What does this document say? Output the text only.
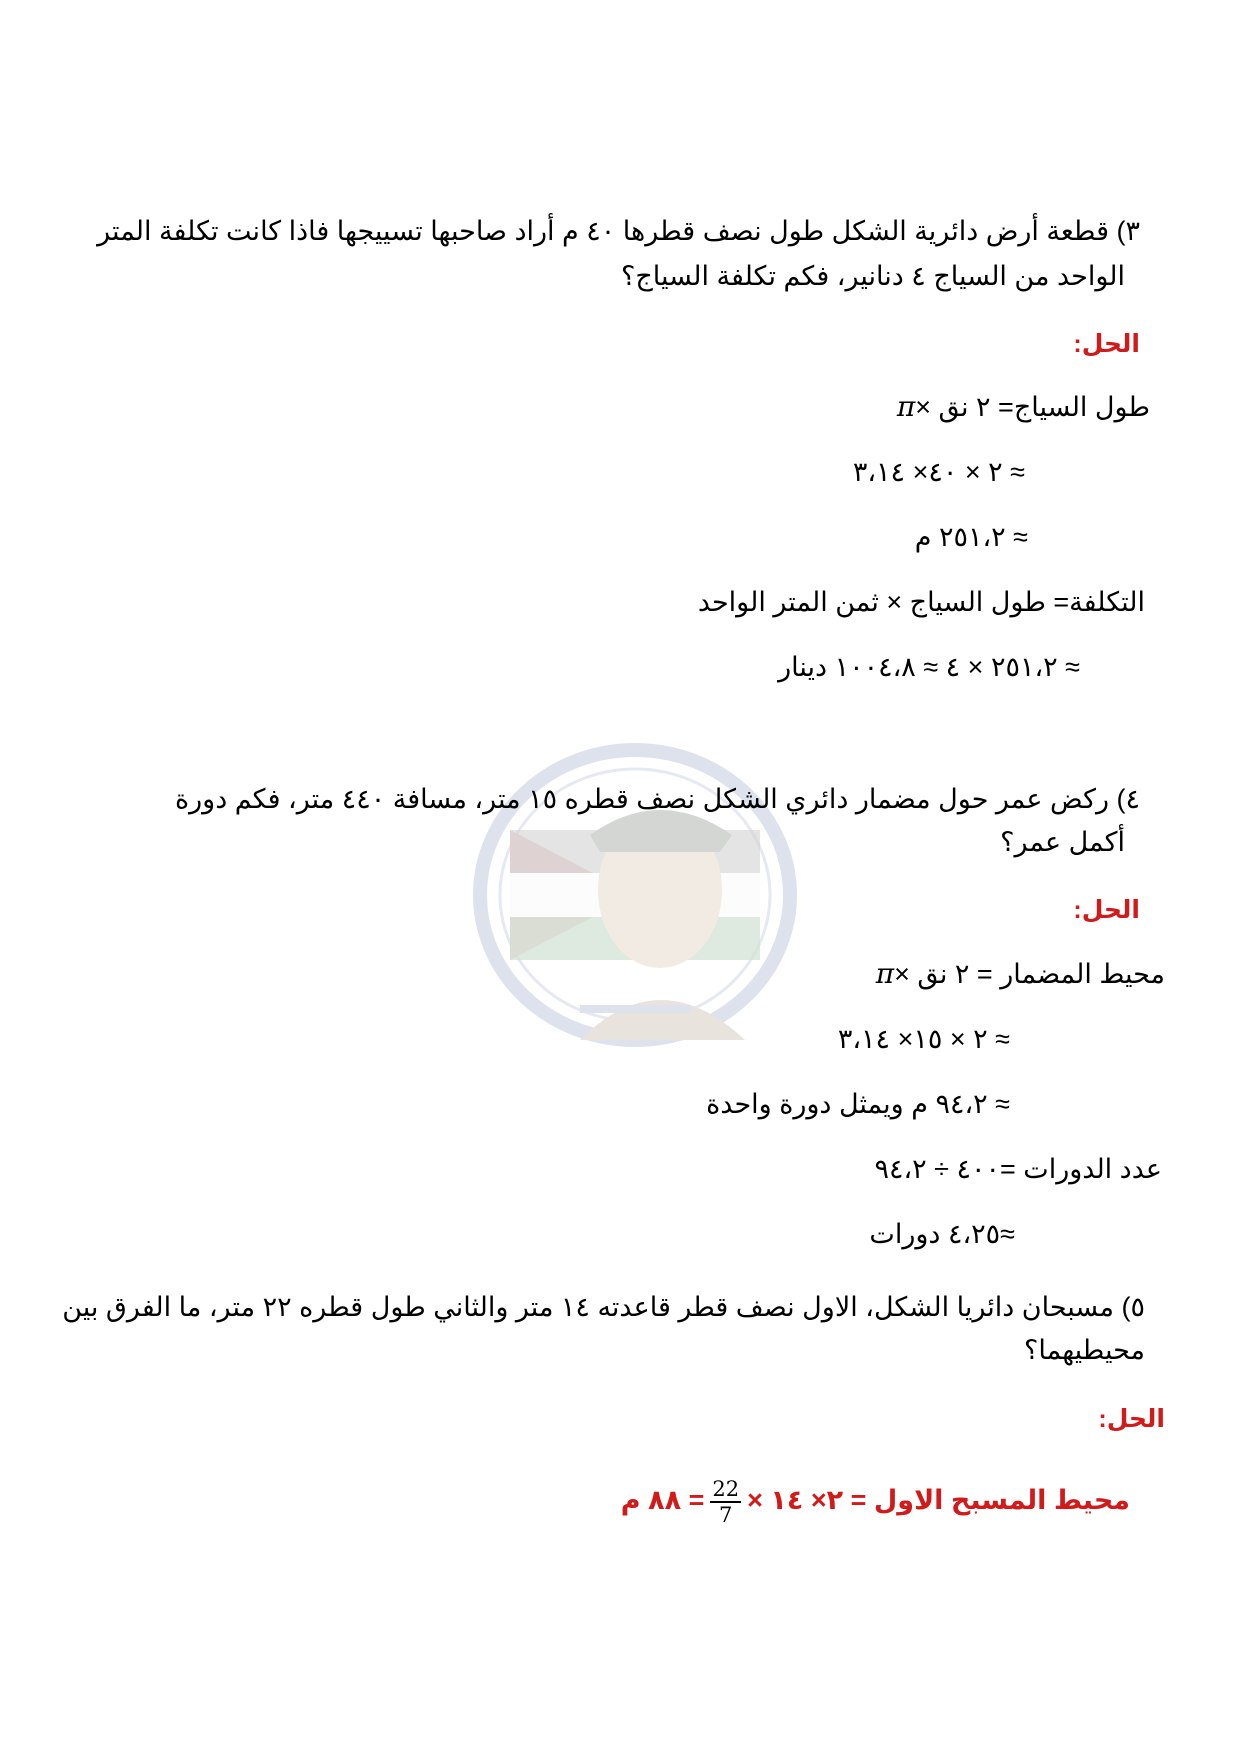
٣) قطعة أرض دائرية الشكل طول نصف قطرها ٤٠ م أراد صاحبها تسييجها فاذا كانت تكلفة المتر
الواحد من السياج ٤ دنانير، فكم تكلفة السياج؟
الحل:
طول السياج= ٢ نق ×π
≈ ٢ × ٤٠× ٣،١٤
≈ ٢٥١،٢ م
التكلفة= طول السياج × ثمن المتر الواحد
≈ ٢٥١،٢ × ٤ ≈ ١٠٠٤،٨ دينار
٤) ركض عمر حول مضمار دائري الشكل نصف قطره ١٥ متر، مسافة ٤٤٠ متر، فكم دورة
أكمل عمر؟
الحل:
محيط المضمار = ٢ نق ×π
≈ ٢ × ١٥× ٣،١٤
≈ ٩٤،٢ م ويمثل دورة واحدة
عدد الدورات =٤٠٠ ÷ ٩٤،٢
≈٤،٢٥ دورات
٥) مسبحان دائريا الشكل، الاول نصف قطر قاعدته ١٤ متر والثاني طول قطره ٢٢ متر، ما الفرق بين
محيطيهما؟
الحل:
محيط المسبح الاول = ٢× ١٤ ×
$\frac{22}{7}$
= ٨٨ م
